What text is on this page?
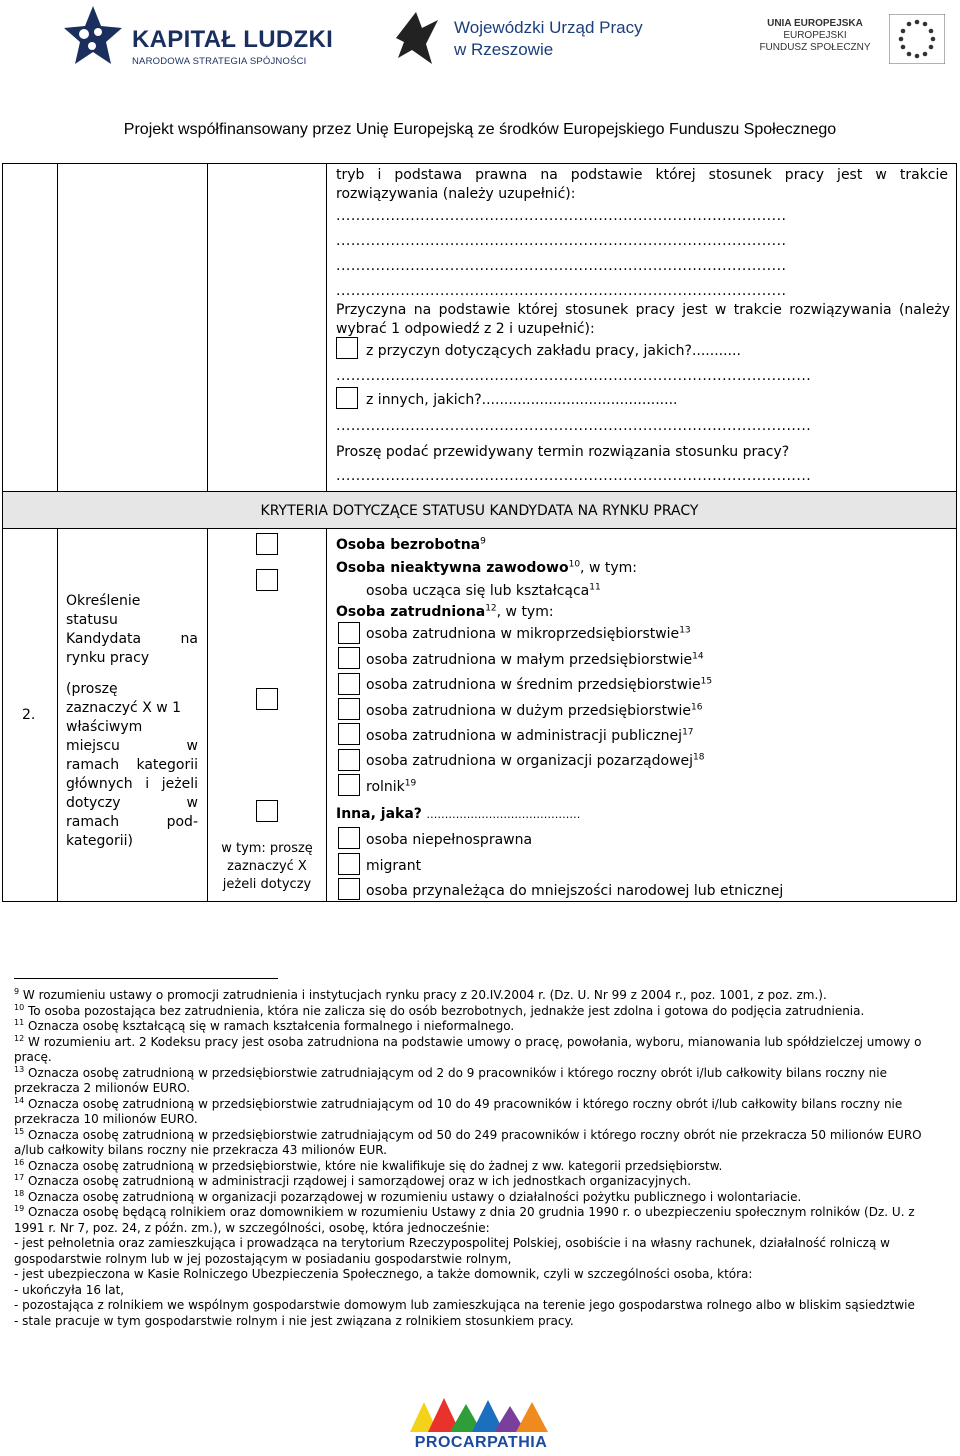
KAPITAŁ LUDZKI
NARODOWA STRATEGIA SPÓJNOŚCI
Wojewódzki Urząd Pracy
w Rzeszowie
UNIA EUROPEJSKA
EUROPEJSKI
FUNDUSZ SPOŁECZNY
Projekt współfinansowany przez Unię Europejską ze środków Europejskiego Funduszu Społecznego
tryb i podstawa prawna na podstawie której stosunek pracy jest w trakcie rozwiązywania (należy uzupełnić):
...........................................................................................
...........................................................................................
...........................................................................................
...........................................................................................
Przyczyna na podstawie której stosunek pracy jest w trakcie rozwiązywania (należy wybrać 1 odpowiedź z 2 i uzupełnić):
z przyczyn dotyczących zakładu pracy, jakich?...........
................................................................................................
z innych, jakich?............................................
................................................................................................
Proszę podać przewidywany termin rozwiązania stosunku pracy?
................................................................................................
KRYTERIA DOTYCZĄCE STATUSU KANDYDATA NA RYNKU PRACY
2.
Określenie
statusu
Kandydata	na
rynku pracy
(proszę
zaznaczyć X w 1
właściwym
miejscu w
ramach kategorii
głównych i jeżeli
dotyczy w
ramach pod-
kategorii)	w tym: proszę
zaznaczyć X
jeżeli dotyczy
Osoba bezrobotna$^9$
Osoba nieaktywna zawodowo$^{10}$, w tym:
osoba ucząca się lub kształcąca$^{11}$
Osoba zatrudniona$^{12}$, w tym:
osoba zatrudniona w mikroprzedsiębiorstwie$^{13}$
osoba zatrudniona w małym przedsiębiorstwie$^{14}$
osoba zatrudniona w średnim przedsiębiorstwie$^{15}$
osoba zatrudniona w dużym przedsiębiorstwie$^{16}$
osoba zatrudniona w administracji publicznej$^{17}$
osoba zatrudniona w organizacji pozarządowej$^{18}$
rolnik$^{19}$
Inna, jaka? ……………………………………
osoba niepełnosprawna
migrant
osoba przynależąca do mniejszości narodowej lub etnicznej
$^9$ W rozumieniu ustawy o promocji zatrudnienia i instytucjach rynku pracy z 20.IV.2004 r. (Dz. U. Nr 99 z 2004 r., poz. 1001, z poz. zm.).
$^{10}$ To osoba pozostająca bez zatrudnienia, która nie zalicza się do osób bezrobotnych, jednakże jest zdolna i gotowa do podjęcia zatrudnienia.
$^{11}$ Oznacza osobę kształcącą się w ramach kształcenia formalnego i nieformalnego.
$^{12}$ W rozumieniu art. 2 Kodeksu pracy jest osoba zatrudniona na podstawie umowy o pracę, powołania, wyboru, mianowania lub spółdzielczej umowy o pracę.
$^{13}$ Oznacza osobę zatrudnioną w przedsiębiorstwie zatrudniającym od 2 do 9 pracowników i którego roczny obrót i/lub całkowity bilans roczny nie przekracza 2 milionów EURO.
$^{14}$ Oznacza osobę zatrudnioną w przedsiębiorstwie zatrudniającym od 10 do 49 pracowników i którego roczny obrót i/lub całkowity bilans roczny nie przekracza 10 milionów EURO.
$^{15}$ Oznacza osobę zatrudnioną w przedsiębiorstwie zatrudniającym od 50 do 249 pracowników i którego roczny obrót nie przekracza 50 milionów EURO a/lub całkowity bilans roczny nie przekracza 43 milionów EUR.
$^{16}$ Oznacza osobę zatrudnioną w przedsiębiorstwie, które nie kwalifikuje się do żadnej z ww. kategorii przedsiębiorstw.
$^{17}$ Oznacza osobę zatrudnioną w administracji rządowej i samorządowej oraz w ich jednostkach organizacyjnych.
$^{18}$ Oznacza osobę zatrudnioną w organizacji pozarządowej w rozumieniu ustawy o działalności pożytku publicznego i wolontariacie.
$^{19}$ Oznacza osobę będącą rolnikiem oraz domownikiem w rozumieniu Ustawy z dnia 20 grudnia 1990 r. o ubezpieczeniu społecznym rolników (Dz. U. z 1991 r. Nr 7, poz. 24, z późn. zm.), w szczególności, osobę, która jednocześnie:
- jest pełnoletnia oraz zamieszkująca i prowadząca na terytorium Rzeczypospolitej Polskiej, osobiście i na własny rachunek, działalność rolniczą w gospodarstwie rolnym lub w jej pozostającym w posiadaniu gospodarstwie rolnym,
- jest ubezpieczona w Kasie Rolniczego Ubezpieczenia Społecznego, a także domownik, czyli w szczególności osoba, która:
- ukończyła 16 lat,
- pozostająca z rolnikiem we wspólnym gospodarstwie domowym lub zamieszkująca na terenie jego gospodarstwa rolnego albo w bliskim sąsiedztwie
- stale pracuje w tym gospodarstwie rolnym i nie jest związana z rolnikiem stosunkiem pracy.
PROCARPATHIA
